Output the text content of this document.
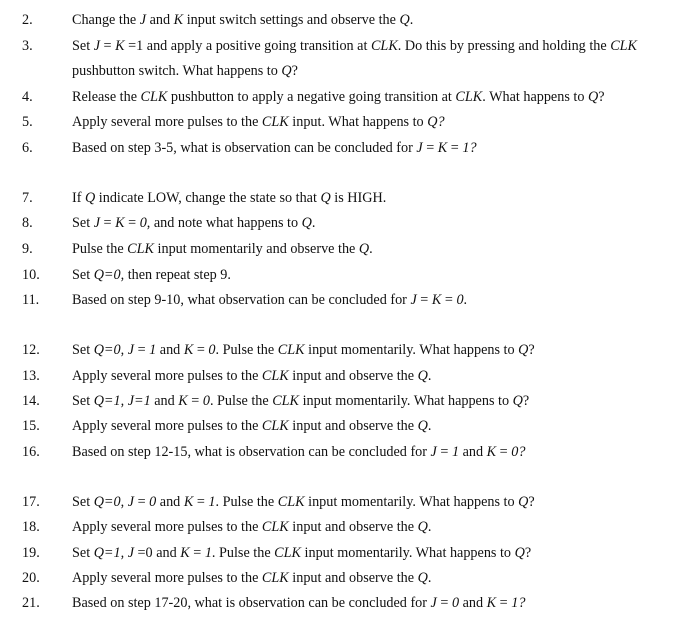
2.	Change the J and K input switch settings and observe the Q.
3.	Set J = K =1 and apply a positive going transition at CLK. Do this by pressing and holding the CLK
pushbutton switch. What happens to Q?
4.	Release the CLK pushbutton to apply a negative going transition at CLK. What happens to Q?
5.	Apply several more pulses to the CLK input. What happens to Q?
6.	Based on step 3-5, what is observation can be concluded for J = K = 1?
7.	If Q indicate LOW, change the state so that Q is HIGH.
8.	Set J = K = 0, and note what happens to Q.
9.	Pulse the CLK input momentarily and observe the Q.
10. Set Q=0, then repeat step 9.
11. Based on step 9-10, what observation can be concluded for J = K = 0.
12. Set Q=0, J = 1 and K = 0. Pulse the CLK input momentarily. What happens to Q?
13. Apply several more pulses to the CLK input and observe the Q.
14. Set Q=1, J=1 and K = 0. Pulse the CLK input momentarily. What happens to Q?
15. Apply several more pulses to the CLK input and observe the Q.
16. Based on step 12-15, what is observation can be concluded for J = 1 and K = 0?
17. Set Q=0, J = 0 and K = 1. Pulse the CLK input momentarily. What happens to Q?
18. Apply several more pulses to the CLK input and observe the Q.
19. Set Q=1, J =0 and K = 1. Pulse the CLK input momentarily. What happens to Q?
20. Apply several more pulses to the CLK input and observe the Q.
21. Based on step 17-20, what is observation can be concluded for J = 0 and K = 1?
